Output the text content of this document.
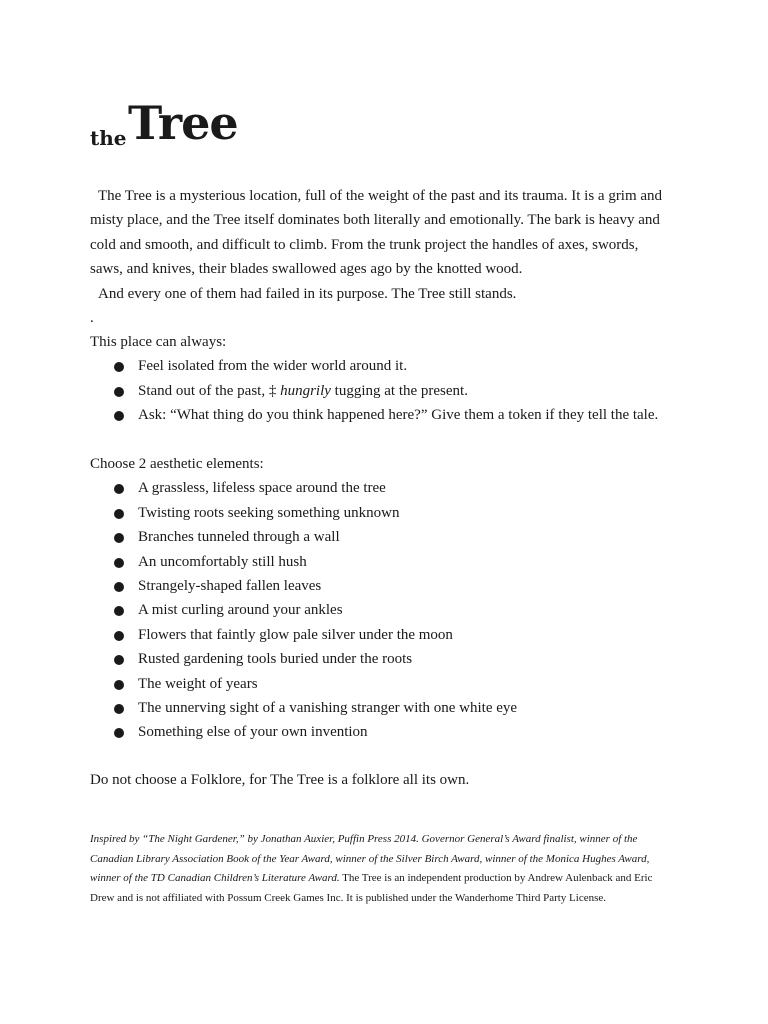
the Tree
The Tree is a mysterious location, full of the weight of the past and its trauma. It is a grim and
misty place, and the Tree itself dominates both literally and emotionally. The bark is heavy and
cold and smooth, and difficult to climb. From the trunk project the handles of axes, swords,
saws, and knives, their blades swallowed ages ago by the knotted wood.
And every one of them had failed in its purpose. The Tree still stands.
.
This place can always:
Feel isolated from the wider world around it.
Stand out of the past, ‡ hungrily tugging at the present.
Ask: “What thing do you think happened here?” Give them a token if they tell the tale.
Choose 2 aesthetic elements:
A grassless, lifeless space around the tree
Twisting roots seeking something unknown
Branches tunneled through a wall
An uncomfortably still hush
Strangely-shaped fallen leaves
A mist curling around your ankles
Flowers that faintly glow pale silver under the moon
Rusted gardening tools buried under the roots
The weight of years
The unnerving sight of a vanishing stranger with one white eye
Something else of your own invention
Do not choose a Folklore, for The Tree is a folklore all its own.
Inspired by “The Night Gardener,” by Jonathan Auxier, Puffin Press 2014. Governor General’s Award finalist, winner of the
Canadian Library Association Book of the Year Award, winner of the Silver Birch Award, winner of the Monica Hughes Award,
winner of the TD Canadian Children’s Literature Award. The Tree is an independent production by Andrew Aulenback and Eric
Drew and is not affiliated with Possum Creek Games Inc. It is published under the Wanderhome Third Party License.
